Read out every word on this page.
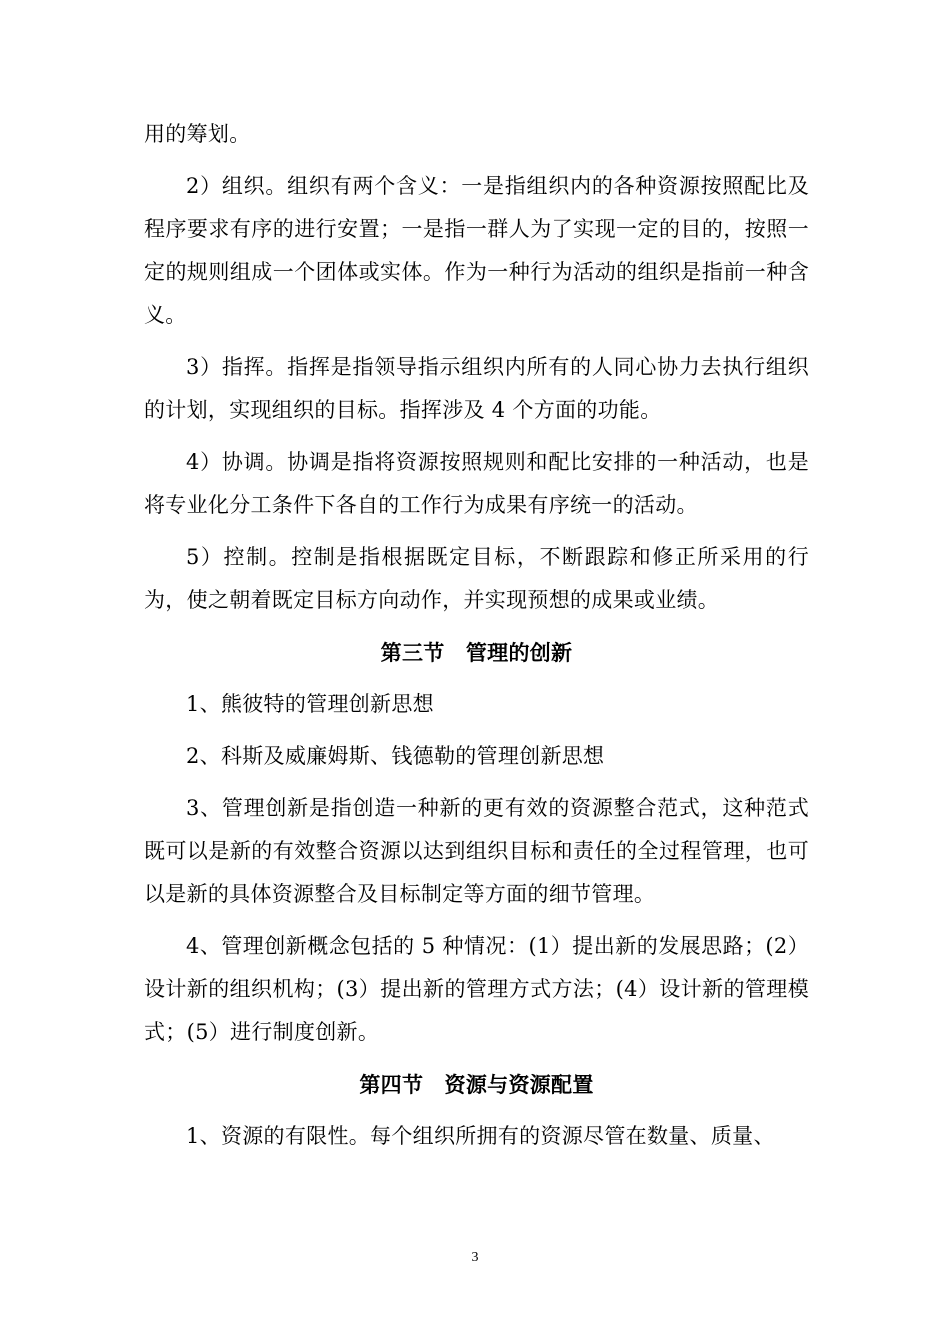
用的筹划。

2）组织。组织有两个含义：一是指组织内的各种资源按照配比及程序要求有序的进行安置；一是指一群人为了实现一定的目的，按照一定的规则组成一个团体或实体。作为一种行为活动的组织是指前一种含义。

3）指挥。指挥是指领导指示组织内所有的人同心协力去执行组织的计划，实现组织的目标。指挥涉及 4 个方面的功能。

4）协调。协调是指将资源按照规则和配比安排的一种活动，也是将专业化分工条件下各自的工作行为成果有序统一的活动。

5）控制。控制是指根据既定目标，不断跟踪和修正所采用的行为，使之朝着既定目标方向动作，并实现预想的成果或业绩。

第三节　管理的创新

1、熊彼特的管理创新思想

2、科斯及威廉姆斯、钱德勒的管理创新思想

3、管理创新是指创造一种新的更有效的资源整合范式，这种范式既可以是新的有效整合资源以达到组织目标和责任的全过程管理，也可以是新的具体资源整合及目标制定等方面的细节管理。

4、管理创新概念包括的 5 种情况：(1）提出新的发展思路；(2）设计新的组织机构；(3）提出新的管理方式方法；(4）设计新的管理模式；(5）进行制度创新。

第四节　资源与资源配置

1、资源的有限性。每个组织所拥有的资源尽管在数量、质量、

3
